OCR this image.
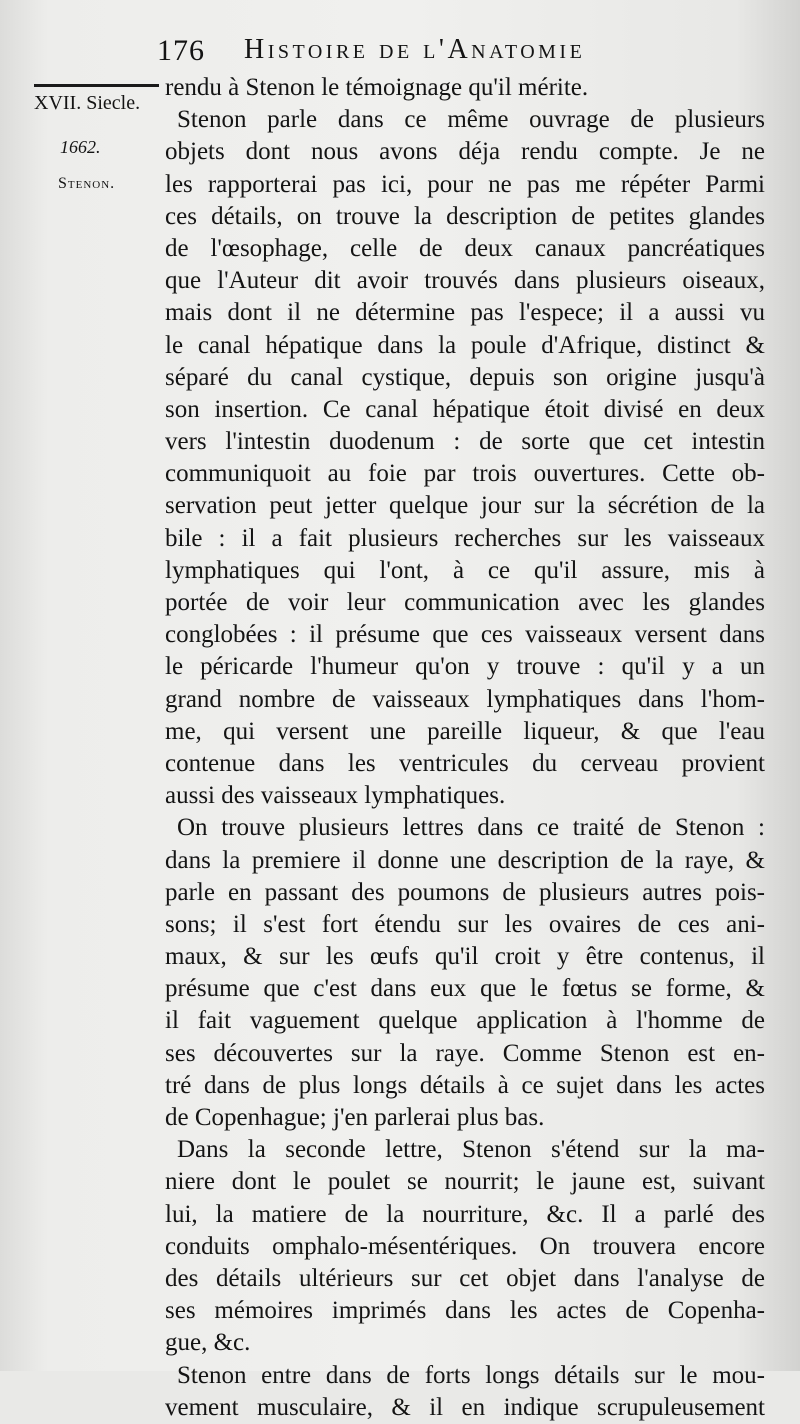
176 Histoire de l'Anatomie
XVII. Siecle.
1662.
Stenon.
rendu à Stenon le témoignage qu'il mérite.
Stenon parle dans ce même ouvrage de plusieurs
objets dont nous avons déja rendu compte. Je ne
les rapporterai pas ici, pour ne pas me répéter Parmi
ces détails, on trouve la description de petites glandes
de l'œsophage, celle de deux canaux pancréatiques
que l'Auteur dit avoir trouvés dans plusieurs oiseaux,
mais dont il ne détermine pas l'espece; il a aussi vu
le canal hépatique dans la poule d'Afrique, distinct &
séparé du canal cystique, depuis son origine jusqu'à
son insertion. Ce canal hépatique étoit divisé en deux
vers l'intestin duodenum : de sorte que cet intestin
communiquoit au foie par trois ouvertures. Cette ob-
servation peut jetter quelque jour sur la sécrétion de la
bile : il a fait plusieurs recherches sur les vaisseaux
lymphatiques qui l'ont, à ce qu'il assure, mis à
portée de voir leur communication avec les glandes
conglobées : il présume que ces vaisseaux versent dans
le péricarde l'humeur qu'on y trouve : qu'il y a un
grand nombre de vaisseaux lymphatiques dans l'hom-
me, qui versent une pareille liqueur, & que l'eau
contenue dans les ventricules du cerveau provient
aussi des vaisseaux lymphatiques.
On trouve plusieurs lettres dans ce traité de Stenon :
dans la premiere il donne une description de la raye, &
parle en passant des poumons de plusieurs autres pois-
sons; il s'est fort étendu sur les ovaires de ces ani-
maux, & sur les œufs qu'il croit y être contenus, il
présume que c'est dans eux que le fœtus se forme, &
il fait vaguement quelque application à l'homme de
ses découvertes sur la raye. Comme Stenon est en-
tré dans de plus longs détails à ce sujet dans les actes
de Copenhague; j'en parlerai plus bas.
Dans la seconde lettre, Stenon s'étend sur la ma-
niere dont le poulet se nourrit; le jaune est, suivant
lui, la matiere de la nourriture, &c. Il a parlé des
conduits omphalo-mésentériques. On trouvera encore
des détails ultérieurs sur cet objet dans l'analyse de
ses mémoires imprimés dans les actes de Copenha-
gue, &c.
Stenon entre dans de forts longs détails sur le mou-
vement musculaire, & il en indique scrupuleusement
